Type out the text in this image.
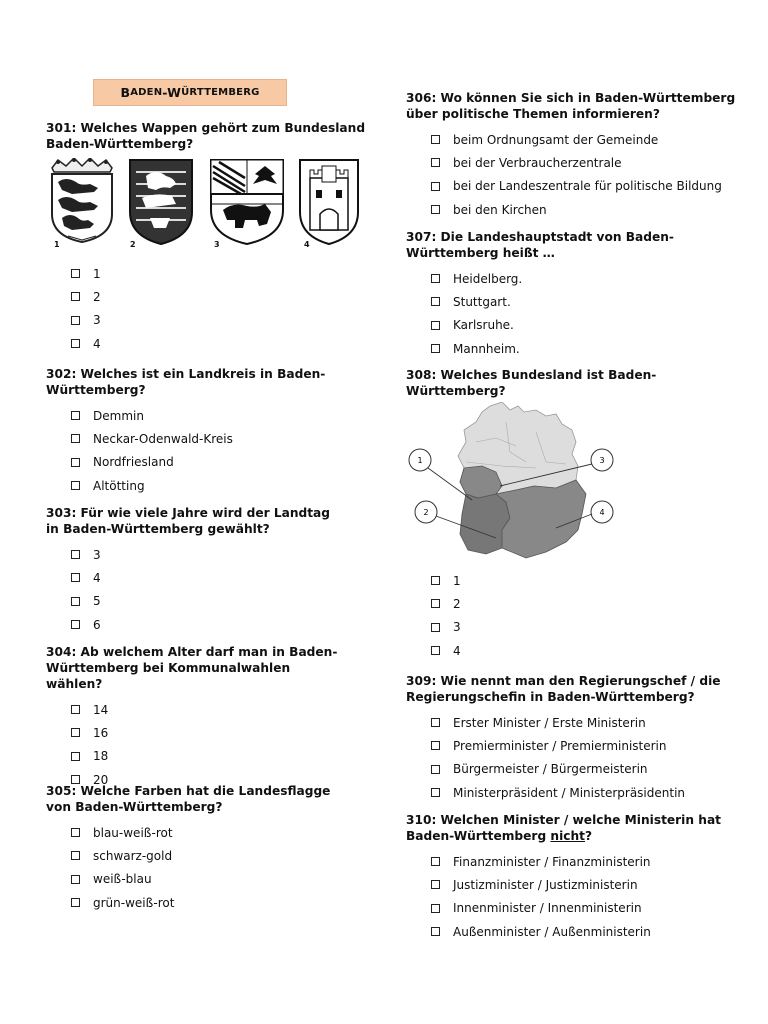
B ADEN -W ÜRTTEMBERG

301: Welches Wappen gehört zum Bundesland Baden-Württemberg?

1	2	3	4
1
2
3
4

302: Welches ist ein Landkreis in Baden-Württemberg?

Demmin
Neckar-Odenwald-Kreis
Nordfriesland
Altötting

303: Für wie viele Jahre wird der Landtag in Baden-Württemberg gewählt?

3
4
5
6

304: Ab welchem Alter darf man in Baden-Württemberg bei Kommunalwahlen wählen?

14
16
18
20

305: Welche Farben hat die Landesflagge von Baden-Württemberg?

blau-weiß-rot
schwarz-gold
weiß-blau
grün-weiß-rot

306: Wo können Sie sich in Baden-Württemberg über politische Themen informieren?

beim Ordnungsamt der Gemeinde
bei der Verbraucherzentrale
bei der Landeszentrale für politische Bildung
bei den Kirchen

307: Die Landeshauptstadt von Baden-Württemberg heißt …

Heidelberg.
Stuttgart.
Karlsruhe.
Mannheim.

308: Welches Bundesland ist Baden-Württemberg?

1
2
3
4
1
2
3
4

309: Wie nennt man den Regierungschef / die Regierungschefin in Baden-Württemberg?

Erster Minister / Erste Ministerin
Premierminister / Premierministerin
Bürgermeister / Bürgermeisterin
Ministerpräsident / Ministerpräsidentin

310: Welchen Minister / welche Ministerin hat Baden-Württemberg nicht?

Finanzminister / Finanzministerin
Justizminister / Justizministerin
Innenminister / Innenministerin
Außenminister / Außenministerin
